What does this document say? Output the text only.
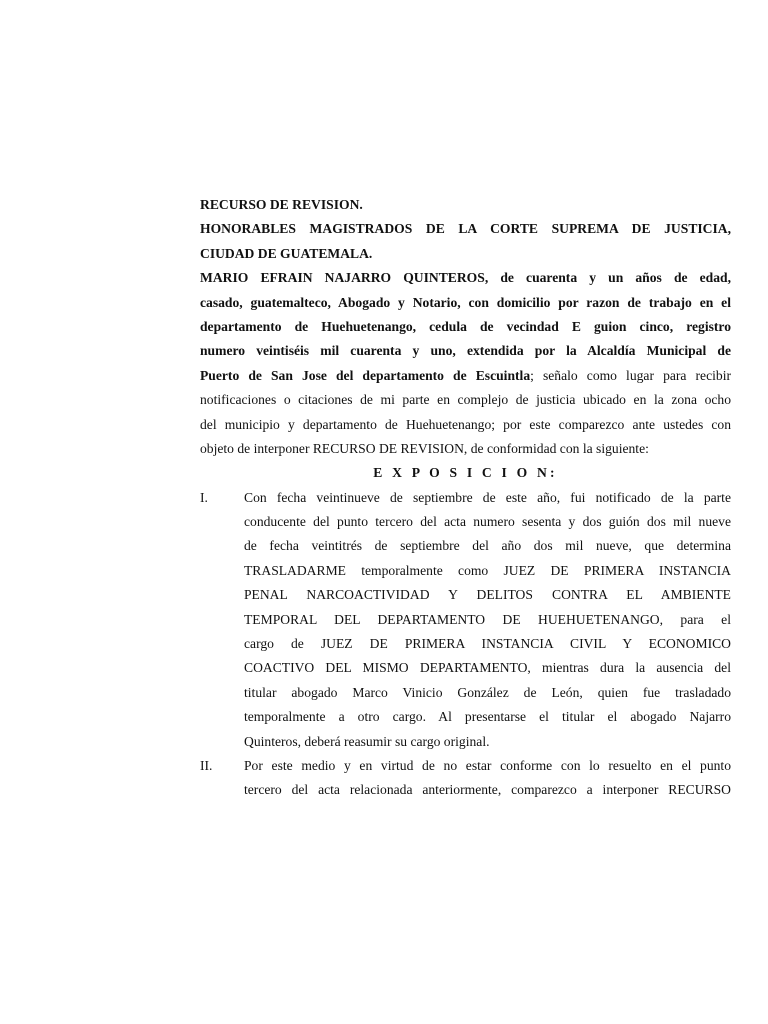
RECURSO DE REVISION.
HONORABLES MAGISTRADOS DE LA CORTE SUPREMA DE JUSTICIA,
CIUDAD DE GUATEMALA.
MARIO EFRAIN NAJARRO QUINTEROS, de cuarenta y un años de edad,
casado, guatemalteco, Abogado y Notario, con domicilio por razon de trabajo en el
departamento de Huehuetenango, cedula de vecindad E guion cinco, registro
numero veintiséis mil cuarenta y uno, extendida por la Alcaldía Municipal de
Puerto de San Jose del departamento de Escuintla; señalo como lugar para recibir
notificaciones o citaciones de mi parte en complejo de justicia ubicado en la zona ocho
del municipio y departamento de Huehuetenango; por este comparezco ante ustedes con
objeto de interponer RECURSO DE REVISION, de conformidad con la siguiente:
E X P O S I C I O N:
I.	Con fecha veintinueve de septiembre de este año, fui notificado de la parte
conducente del punto tercero del acta numero sesenta y dos guión dos mil nueve
de fecha veintitrés de septiembre del año dos mil nueve, que determina
TRASLADARME temporalmente como JUEZ DE PRIMERA INSTANCIA
PENAL NARCOACTIVIDAD Y DELITOS CONTRA EL AMBIENTE
TEMPORAL DEL DEPARTAMENTO DE HUEHUETENANGO, para el
cargo de JUEZ DE PRIMERA INSTANCIA CIVIL Y ECONOMICO
COACTIVO DEL MISMO DEPARTAMENTO, mientras dura la ausencia del
titular abogado Marco Vinicio González de León, quien fue trasladado
temporalmente a otro cargo. Al presentarse el titular el abogado Najarro
Quinteros, deberá reasumir su cargo original.
II.	Por este medio y en virtud de no estar conforme con lo resuelto en el punto
tercero del acta relacionada anteriormente, comparezco a interponer RECURSO
